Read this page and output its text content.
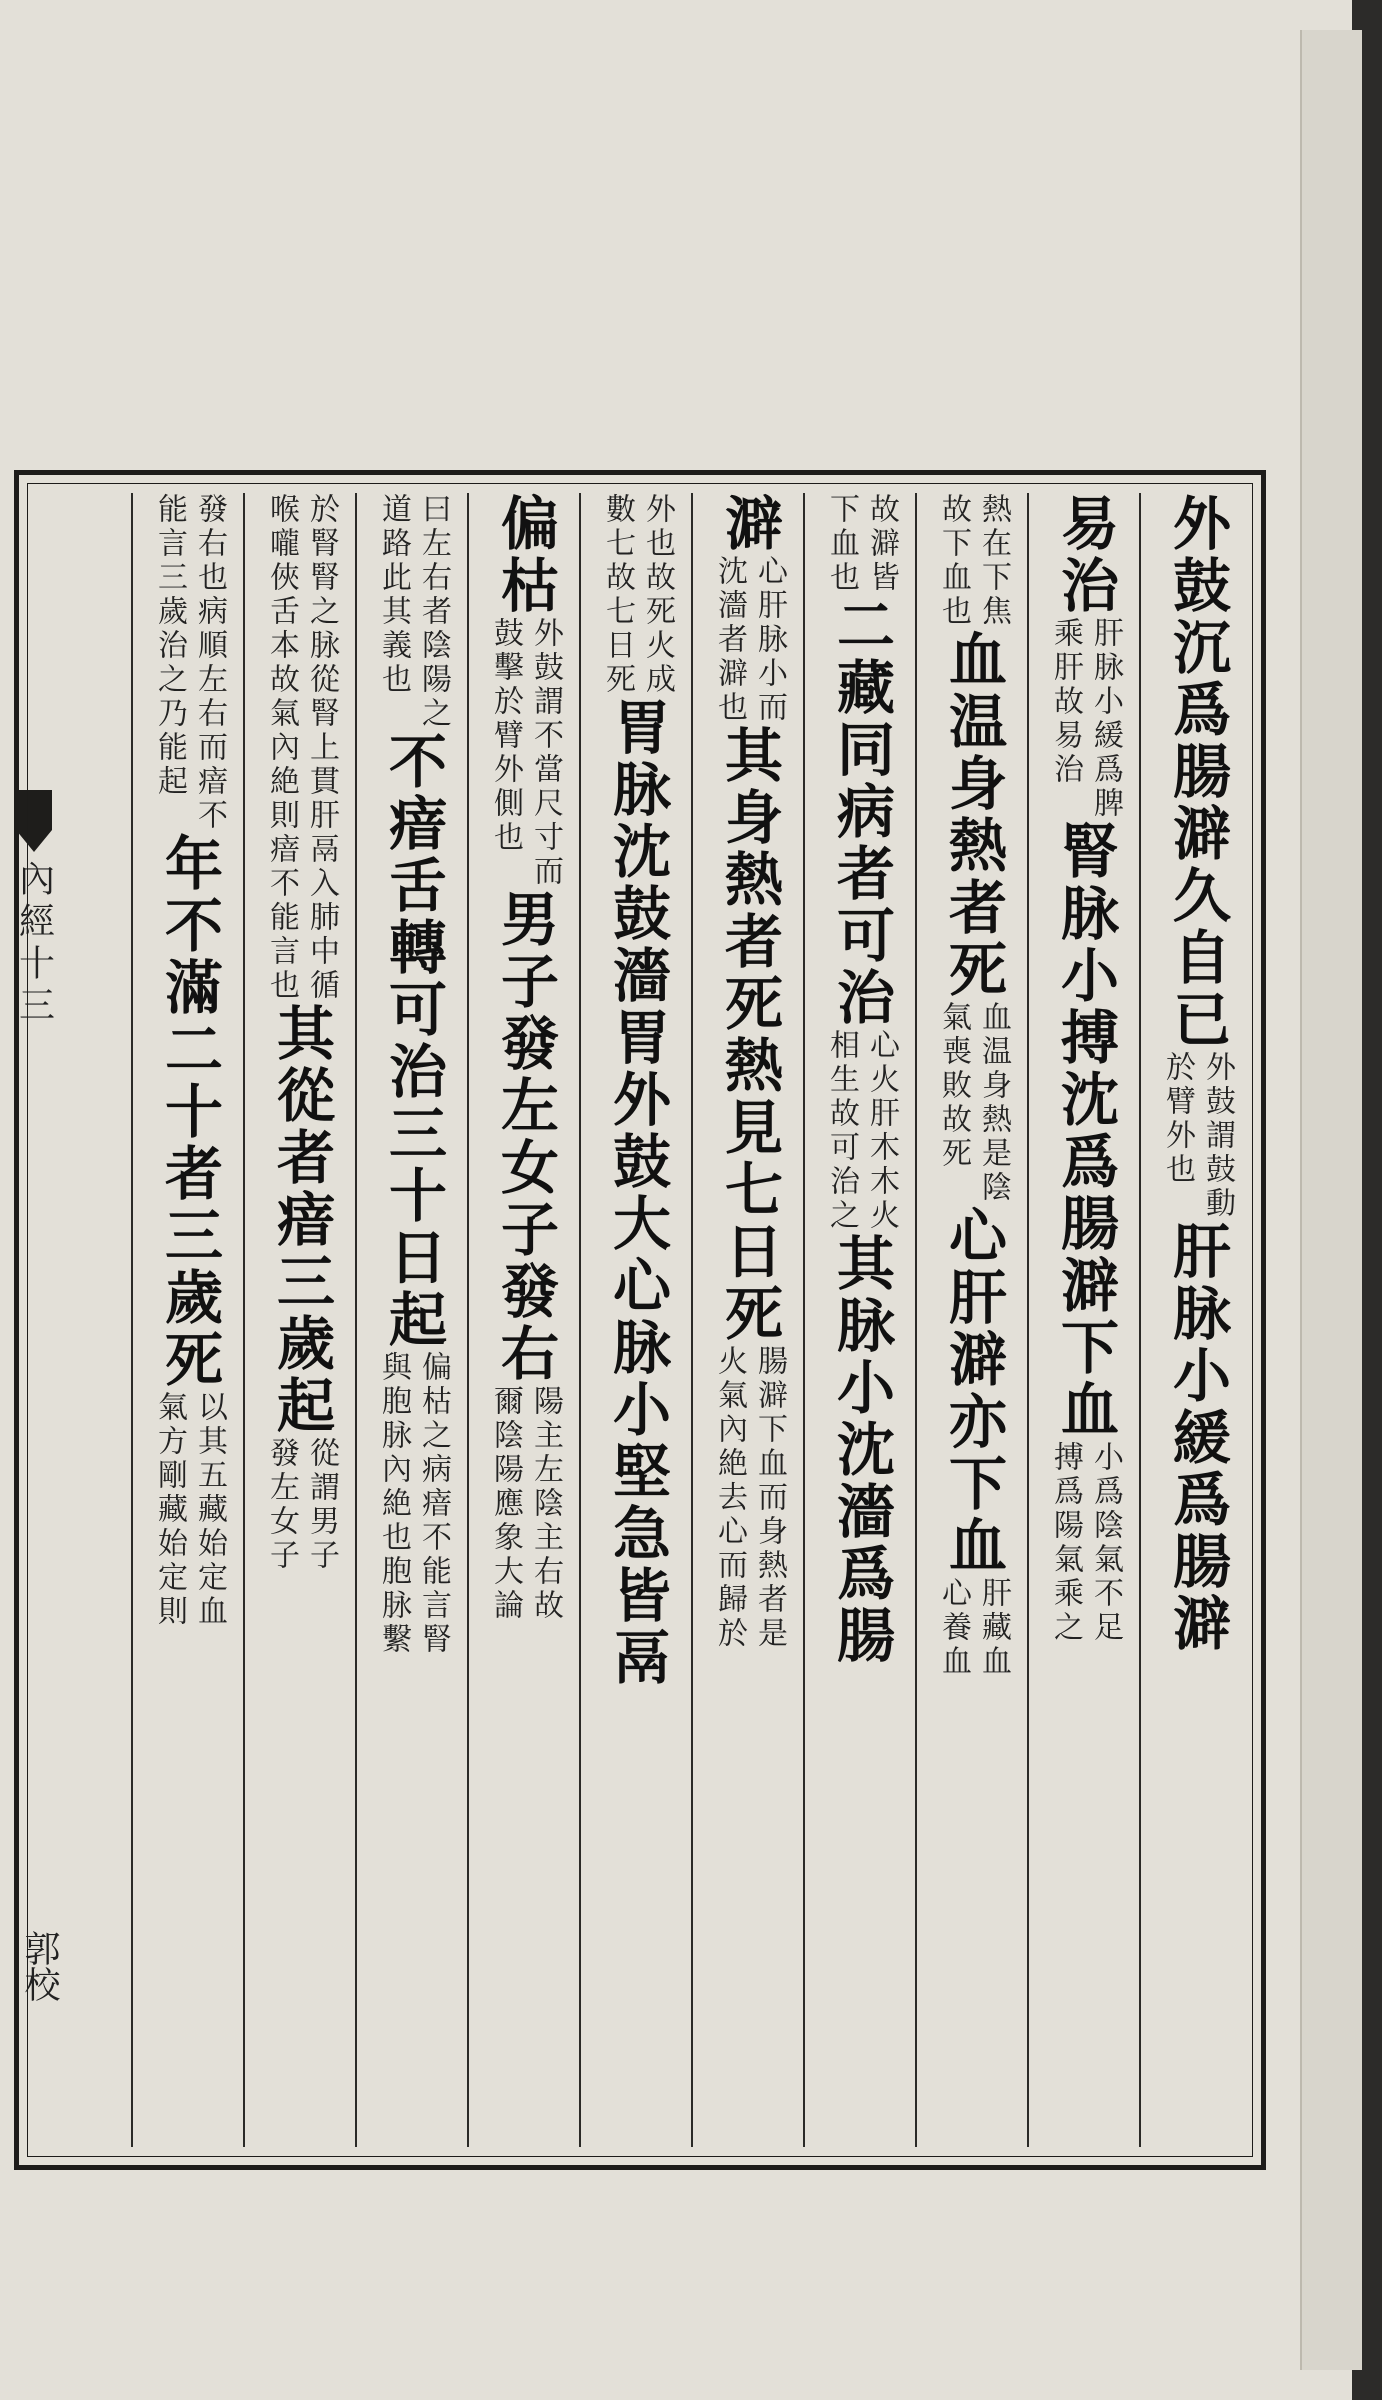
內經十三
郭校
外鼓沉爲腸澼久自已
外鼓謂鼓動
於臂外也
肝脉小緩爲腸澼
易治
肝脉小緩爲脾
乘肝故易治
腎脉小搏沈爲腸澼下血
小爲陰氣不足
搏爲陽氣乘之
熱在下焦
故下血也
血温身熱者死
血温身熱是陰
氣喪敗故死
心肝澼亦下血
肝藏血
心養血
故澼皆
下血也
二藏同病者可治
心火肝木木火
相生故可治之
其脉小沈濇爲腸
澼
心肝脉小而
沈濇者澼也
其身熱者死熱見七日死
腸澼下血而身熱者是
火氣內絶去心而歸於
外也故死火成
數七故七日死
胃脉沈鼓濇胃外鼓大心脉小堅急皆鬲
偏枯
外鼓謂不當尺寸而
鼓擊於臂外側也
男子發左女子發右
陽主左陰主右故
爾陰陽應象大論
曰左右者陰陽之
道路此其義也
不瘖舌轉可治三十日起
偏枯之病瘖不能言腎
與胞脉內絶也胞脉繫
於腎腎之脉從腎上貫肝鬲入肺中循
喉嚨俠舌本故氣內絶則瘖不能言也
其從者瘖三歲起
從謂男子
發左女子
發右也病順左右而瘖不
能言三歲治之乃能起
年不滿二十者三歲死
以其五藏始定血
氣方剛藏始定則
